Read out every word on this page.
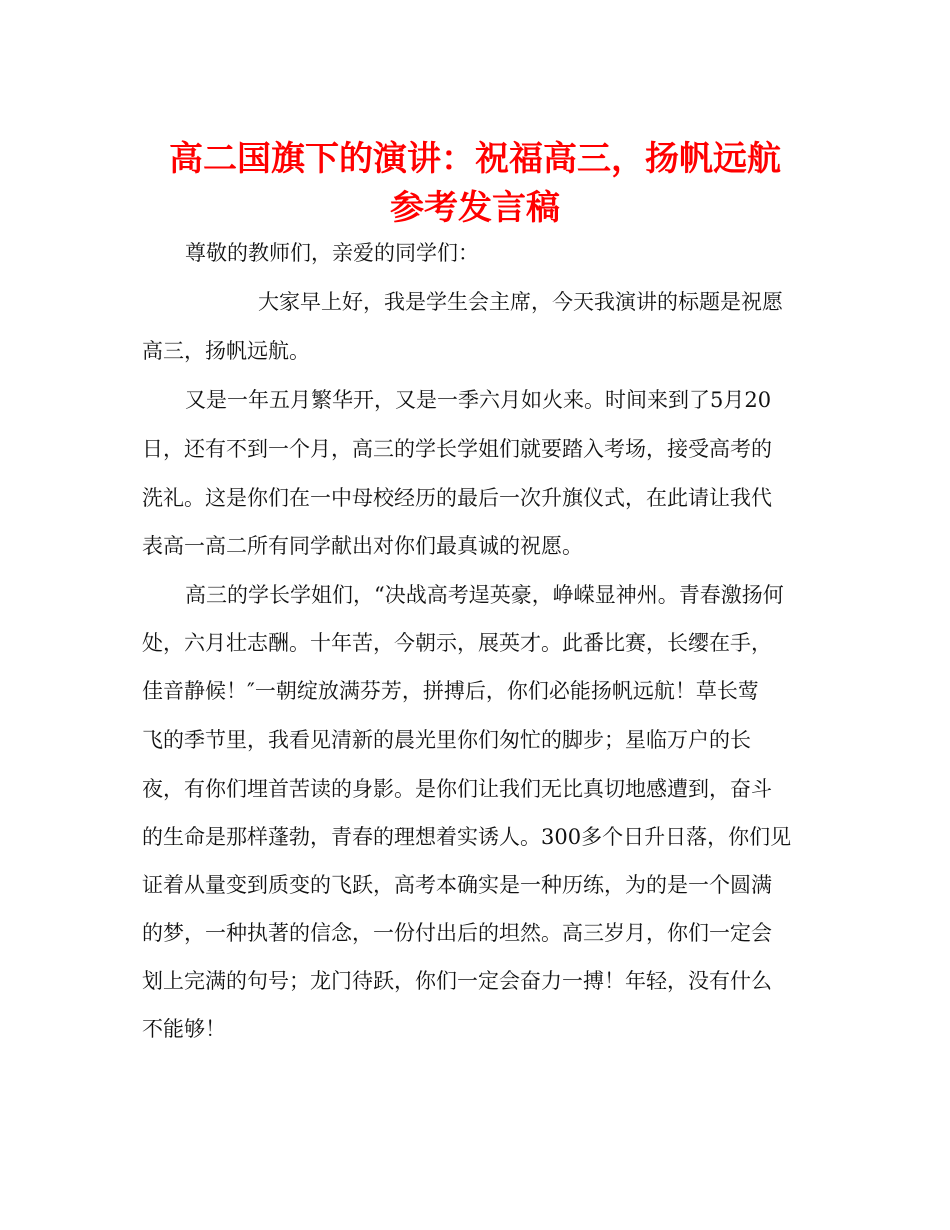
高二国旗下的演讲：祝福高三，扬帆远航
参考发言稿

尊敬的教师们，亲爱的同学们：

大家早上好，我是学生会主席，今天我演讲的标题是祝愿

高三，扬帆远航。

又是一年五月繁华开，又是一季六月如火来。时间来到了5月20

日，还有不到一个月，高三的学长学姐们就要踏入考场，接受高考的

洗礼。这是你们在一中母校经历的最后一次升旗仪式，在此请让我代

表高一高二所有同学献出对你们最真诚的祝愿。

高三的学长学姐们，“决战高考逞英豪，峥嵘显神州。青春激扬何

处，六月壮志酬。十年苦，今朝示，展英才。此番比赛，长缨在手，

佳音静候！″一朝绽放满芬芳，拼搏后，你们必能扬帆远航！草长莺

飞的季节里，我看见清新的晨光里你们匆忙的脚步；星临万户的长

夜，有你们埋首苦读的身影。是你们让我们无比真切地感遭到，奋斗

的生命是那样蓬勃，青春的理想着实诱人。300多个日升日落，你们见

证着从量变到质变的飞跃，高考本确实是一种历练，为的是一个圆满

的梦，一种执著的信念，一份付出后的坦然。高三岁月，你们一定会

划上完满的句号；龙门待跃，你们一定会奋力一搏！年轻，没有什么

不能够！
